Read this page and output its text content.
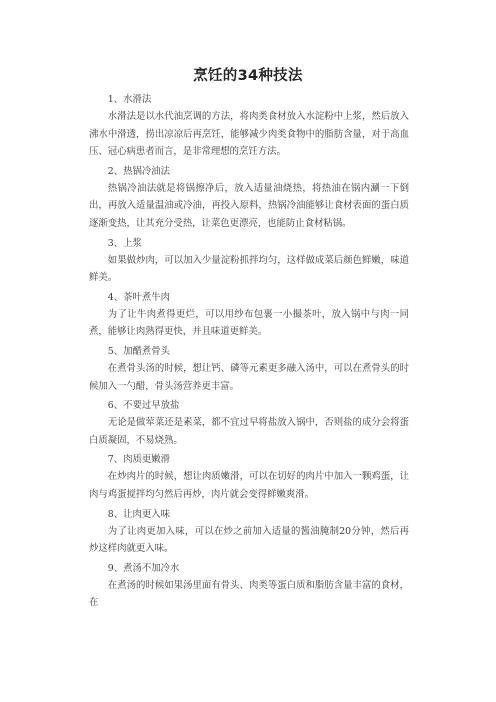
烹饪的34种技法

1、水滑法

水滑法是以水代油烹调的方法，将肉类食材放入水淀粉中上浆，然后放入沸水中滑透，捞出凉凉后再烹饪，能够减少肉类食物中的脂肪含量，对于高血压、冠心病患者而言，是非常理想的烹饪方法。

2、热锅冷油法

热锅冷油法就是将锅擦净后，放入适量油烧热，将热油在锅内涮一下倒出，再放入适量温油或冷油，再投入原料，热锅冷油能够让食材表面的蛋白质逐渐变热，让其充分受热，让菜色更漂亮，也能防止食材粘锅。

3、上浆

如果做炒肉，可以加入少量淀粉抓拌均匀，这样做成菜后颜色鲜嫩，味道鲜美。

4、茶叶煮牛肉

为了让牛肉煮得更烂，可以用纱布包裹一小撮茶叶，放入锅中与肉一同煮，能够让肉熟得更快，并且味道更鲜美。

5、加醋煮骨头

在煮骨头汤的时候，想让钙、磷等元素更多融入汤中，可以在煮骨头的时候加入一勺醋，骨头汤营养更丰富。

6、不要过早放盐

无论是做荤菜还是素菜，都不宜过早将盐放入锅中，否则盐的成分会将蛋白质凝固，不易烧熟。

7、肉质更嫩滑

在炒肉片的时候，想让肉质嫩滑，可以在切好的肉片中加入一颗鸡蛋，让肉与鸡蛋搅拌均匀然后再炒，肉片就会变得鲜嫩爽滑。

8、让肉更入味

为了让肉更加入味，可以在炒之前加入适量的酱油腌制20分钟，然后再炒这样肉就更入味。

9、煮汤不加冷水

在煮汤的时候如果汤里面有骨头、肉类等蛋白质和脂肪含量丰富的食材，在
